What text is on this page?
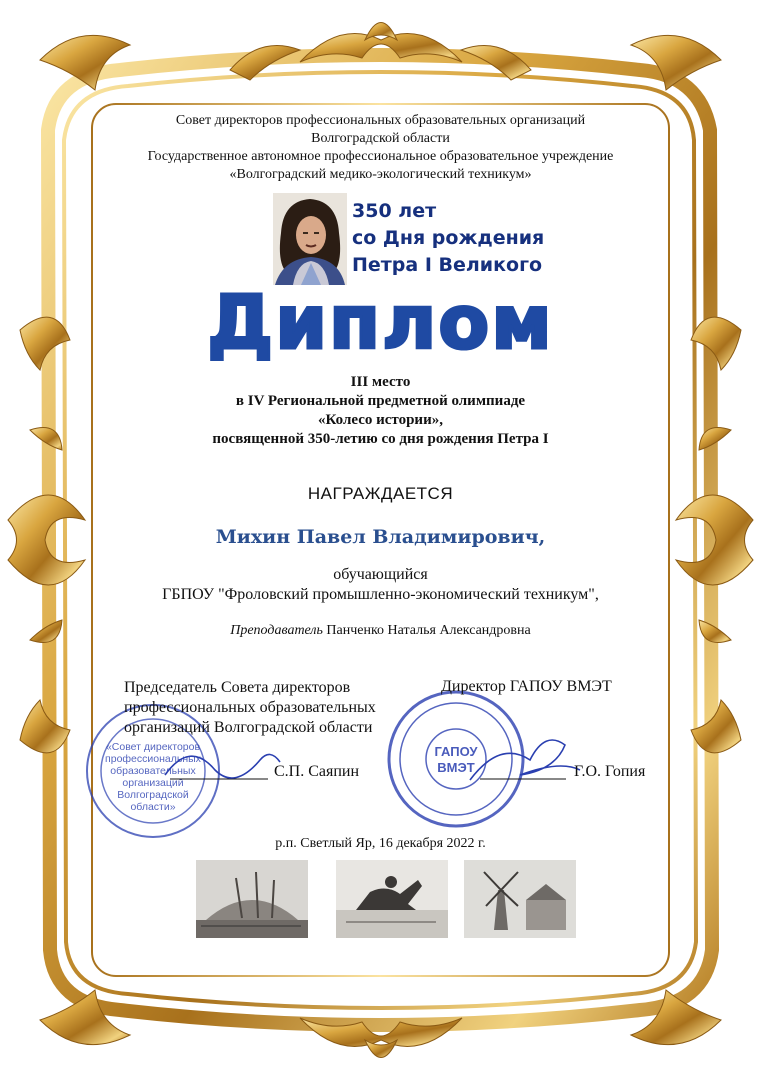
Совет директоров профессиональных образовательных организаций
Волгоградской области
Государственное автономное профессиональное образовательное учреждение
«Волгоградский медико-экологический техникум»
350 лет
со Дня рождения
Петра I Великого
Диплом
III место
в IV Региональной предметной олимпиаде
«Колесо истории»,
посвященной 350-летию со дня рождения Петра I
НАГРАЖДАЕТСЯ
Михин Павел Владимирович,
обучающийся
ГБПОУ "Фроловский промышленно-экономический техникум",
Преподаватель Панченко Наталья Александровна
«Совет директоров
профессиональных
образовательных
организаций
Волгоградской
области»
ГАПОУ
ВМЭТ
Председатель Совета директоров
профессиональных образовательных
организаций Волгоградской области
Директор ГАПОУ ВМЭТ
С.П. Саяпин	Г.О. Гопия
р.п. Светлый Яр, 16 декабря 2022 г.
